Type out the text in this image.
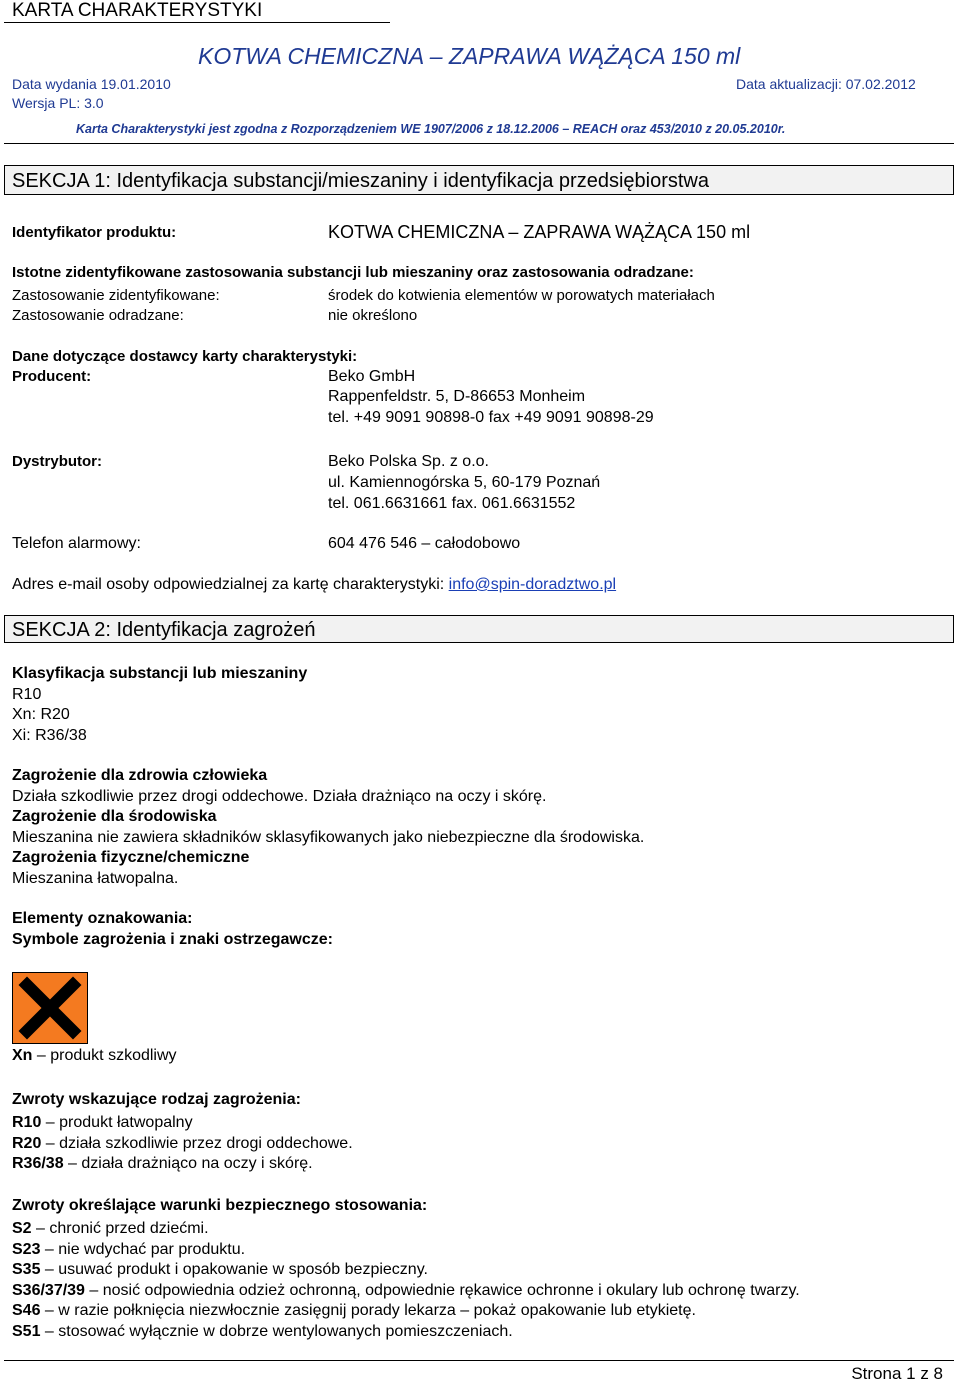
KARTA CHARAKTERYSTYKI
KOTWA CHEMICZNA – ZAPRAWA WĄŻĄCA 150 ml
Data wydania 19.01.2010	Data aktualizacji: 07.02.2012
Wersja PL: 3.0
Karta Charakterystyki jest zgodna z Rozporządzeniem WE 1907/2006 z 18.12.2006 – REACH oraz 453/2010 z 20.05.2010r.
SEKCJA 1: Identyfikacja substancji/mieszaniny i identyfikacja przedsiębiorstwa
Identyfikator produktu:	KOTWA CHEMICZNA – ZAPRAWA WĄŻĄCA 150 ml
Istotne zidentyfikowane zastosowania substancji lub mieszaniny oraz zastosowania odradzane:
Zastosowanie zidentyfikowane:	środek do kotwienia elementów w porowatych materiałach
Zastosowanie odradzane:	nie określono
Dane dotyczące dostawcy karty charakterystyki:
Producent:	Beko GmbH
Rappenfeldstr. 5, D-86653 Monheim
tel. +49 9091 90898-0 fax +49 9091 90898-29
Dystrybutor:	Beko Polska Sp. z o.o.
ul. Kamiennogórska 5, 60-179 Poznań
tel. 061.6631661 fax. 061.6631552
Telefon alarmowy:	604 476 546 – całodobowo
Adres e-mail osoby odpowiedzialnej za kartę charakterystyki: info@spin-doradztwo.pl
SEKCJA 2: Identyfikacja zagrożeń
Klasyfikacja substancji lub mieszaniny
R10
Xn: R20
Xi: R36/38
Zagrożenie dla zdrowia człowieka
Działa szkodliwie przez drogi oddechowe. Działa drażniąco na oczy i skórę.
Zagrożenie dla środowiska
Mieszanina nie zawiera składników sklasyfikowanych jako niebezpieczne dla środowiska.
Zagrożenia fizyczne/chemiczne
Mieszanina łatwopalna.
Elementy oznakowania:
Symbole zagrożenia i znaki ostrzegawcze:
Xn – produkt szkodliwy
Zwroty wskazujące rodzaj zagrożenia:
R10 – produkt łatwopalny
R20 – działa szkodliwie przez drogi oddechowe.
R36/38 – działa drażniąco na oczy i skórę.
Zwroty określające warunki bezpiecznego stosowania:
S2 – chronić przed dziećmi.
S23 – nie wdychać par produktu.
S35 – usuwać produkt i opakowanie w sposób bezpieczny.
S36/37/39 – nosić odpowiednia odzież ochronną, odpowiednie rękawice ochronne i okulary lub ochronę twarzy.
S46 – w razie połknięcia niezwłocznie zasięgnij porady lekarza – pokaż opakowanie lub etykietę.
S51 – stosować wyłącznie w dobrze wentylowanych pomieszczeniach.
Strona 1 z 8
